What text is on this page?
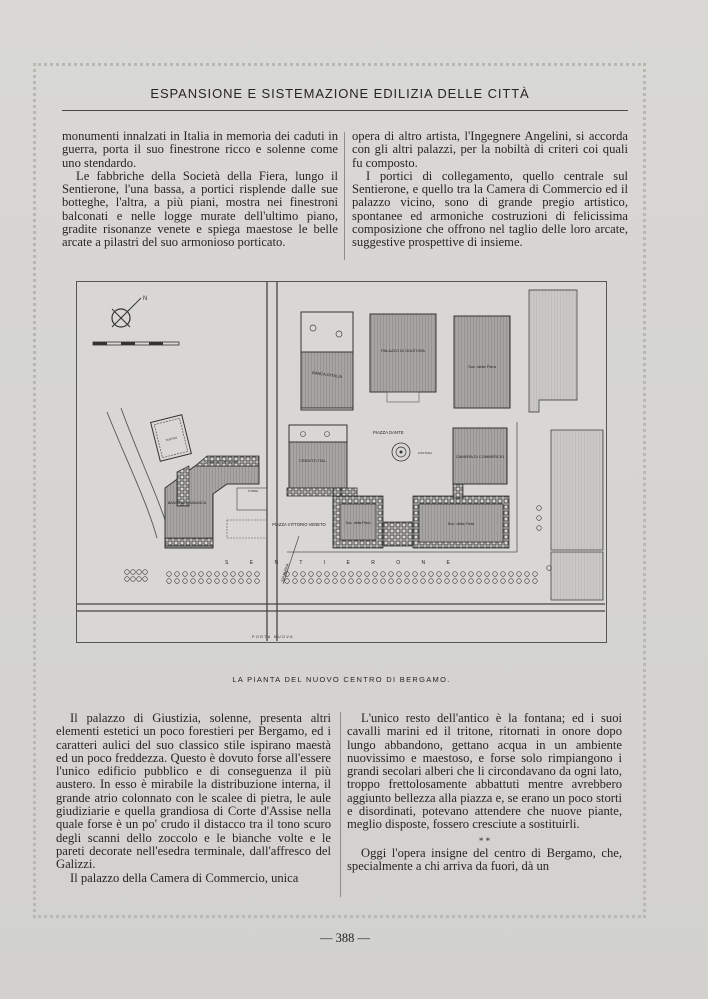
ESPANSIONE E SISTEMAZIONE EDILIZIA DELLE CITTÀ

monumenti innalzati in Italia in memoria dei caduti in guerra, porta il suo finestrone ricco e solenne come uno stendardo.

Le fabbriche della Società della Fiera, lungo il Sentierone, l'una bassa, a portici risplende dalle sue botteghe, l'altra, a più piani, mostra nei finestroni balconati e nelle logge murate dell'ultimo piano, gradite risonanze venete e spiega maestose le belle arcate a pilastri del suo armonioso porticato.

opera di altro artista, l'Ingegnere Angelini, si accorda con gli altri palazzi, per la nobiltà di criteri coi quali fu composto.

I portici di collegamento, quello centrale sul Sentierone, e quello tra la Camera di Commercio ed il palazzo vicino, sono di grande pregio artistico, spontanee ed armoniche costruzioni di felicissima composizione che offrono nel taglio delle loro arcate, suggestive prospettive di insieme.

N
BANCA D'ITALIA
PALAZZO DI GIUSTIZIA
Soc. della Fiera
PIAZZA DANTE
FONTANA
CAMERA DI COMMERCIO
CREDITO ITAL.
Soc. della Fiera	Soc. della Fiera
TEATRO
BANCA POPOLARE
BANCA BERGAMASCA
TORRE
PIAZZA VITTORIO VENETO
S E N T I E R O N E
VIA NUOVA
PORTA NUOVA
LA PIANTA DEL NUOVO CENTRO DI BERGAMO.

Il palazzo di Giustizia, solenne, presenta altri elementi estetici un poco forestieri per Bergamo, ed i caratteri aulici del suo classico stile ispirano maestà ed un poco freddezza. Questo è dovuto forse all'essere l'unico edificio pubblico e di conseguenza il più austero. In esso è mirabile la distribuzione interna, il grande atrio colonnato con le scalee di pietra, le aule giudiziarie e quella grandiosa di Corte d'Assise nella quale forse è un po' crudo il distacco tra il tono scuro degli scanni dello zoccolo e le bianche volte e le pareti decorate nell'esedra terminale, dall'affresco del Galizzi.

Il palazzo della Camera di Commercio, unica

L'unico resto dell'antico è la fontana; ed i suoi cavalli marini ed il tritone, ritornati in onore dopo lungo abbandono, gettano acqua in un ambiente nuovissimo e maestoso, e forse solo rimpiangono i grandi secolari alberi che li circondavano da ogni lato, troppo frettolosamente abbattuti mentre avrebbero aggiunto bellezza alla piazza e, se erano un poco storti e disordinati, potevano attendere che nuove piante, meglio disposte, fossero cresciute a sostituirli.

* *

Oggi l'opera insigne del centro di Bergamo, che, specialmente a chi arriva da fuori, dà un

— 388 —
